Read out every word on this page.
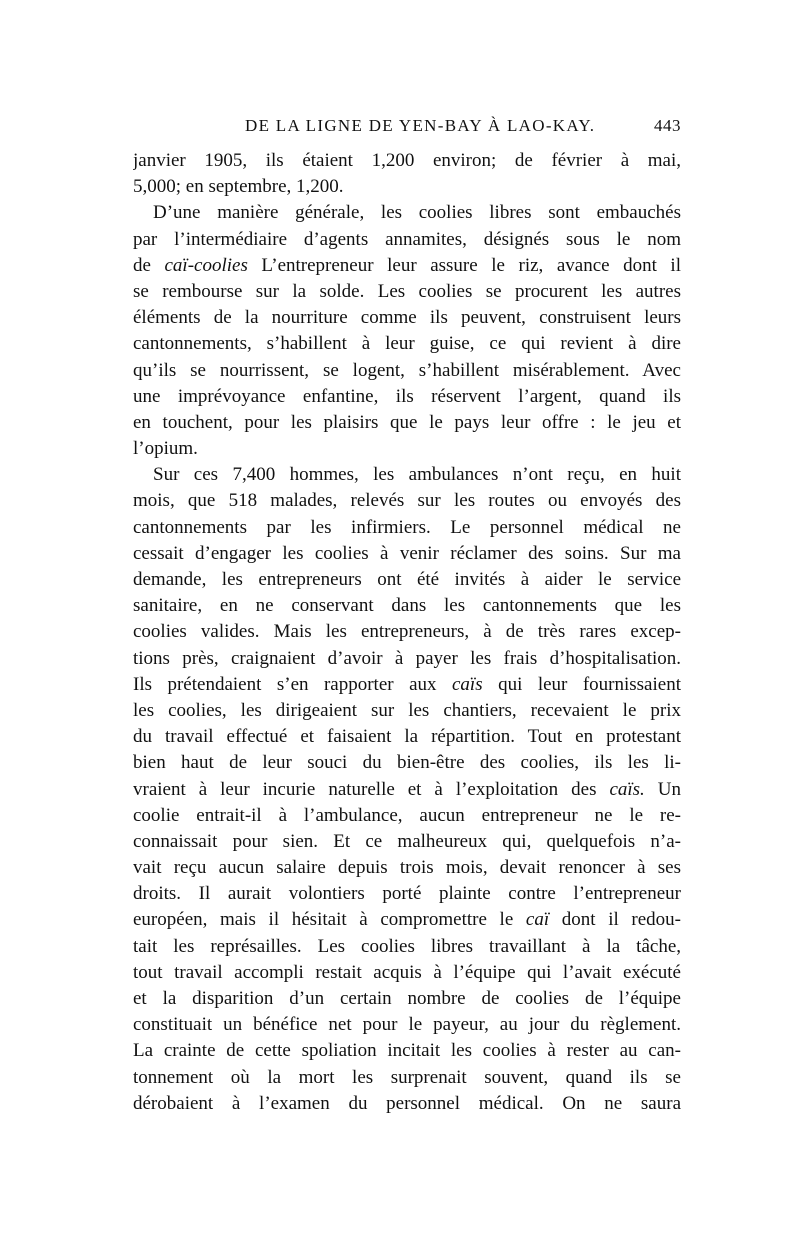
DE LA LIGNE DE YEN-BAY À LAO-KAY.	443
janvier 1905, ils étaient 1,200 environ; de février à mai,
5,000; en septembre, 1,200.
D’une manière générale, les coolies libres sont embauchés
par l’intermédiaire d’agents annamites, désignés sous le nom
de caï-coolies L’entrepreneur leur assure le riz, avance dont il
se rembourse sur la solde. Les coolies se procurent les autres
éléments de la nourriture comme ils peuvent, construisent leurs
cantonnements, s’habillent à leur guise, ce qui revient à dire
qu’ils se nourrissent, se logent, s’habillent misérablement. Avec
une imprévoyance enfantine, ils réservent l’argent, quand ils
en touchent, pour les plaisirs que le pays leur offre : le jeu et
l’opium.
Sur ces 7,400 hommes, les ambulances n’ont reçu, en huit
mois, que 518 malades, relevés sur les routes ou envoyés des
cantonnements par les infirmiers. Le personnel médical ne
cessait d’engager les coolies à venir réclamer des soins. Sur ma
demande, les entrepreneurs ont été invités à aider le service
sanitaire, en ne conservant dans les cantonnements que les
coolies valides. Mais les entrepreneurs, à de très rares excep-
tions près, craignaient d’avoir à payer les frais d’hospitalisation.
Ils prétendaient s’en rapporter aux caïs qui leur fournissaient
les coolies, les dirigeaient sur les chantiers, recevaient le prix
du travail effectué et faisaient la répartition. Tout en protestant
bien haut de leur souci du bien-être des coolies, ils les li-
vraient à leur incurie naturelle et à l’exploitation des caïs. Un
coolie entrait-il à l’ambulance, aucun entrepreneur ne le re-
connaissait pour sien. Et ce malheureux qui, quelquefois n’a-
vait reçu aucun salaire depuis trois mois, devait renoncer à ses
droits. Il aurait volontiers porté plainte contre l’entrepreneur
européen, mais il hésitait à compromettre le caï dont il redou-
tait les représailles. Les coolies libres travaillant à la tâche,
tout travail accompli restait acquis à l’équipe qui l’avait exécuté
et la disparition d’un certain nombre de coolies de l’équipe
constituait un bénéfice net pour le payeur, au jour du règlement.
La crainte de cette spoliation incitait les coolies à rester au can-
tonnement où la mort les surprenait souvent, quand ils se
dérobaient à l’examen du personnel médical. On ne saura
